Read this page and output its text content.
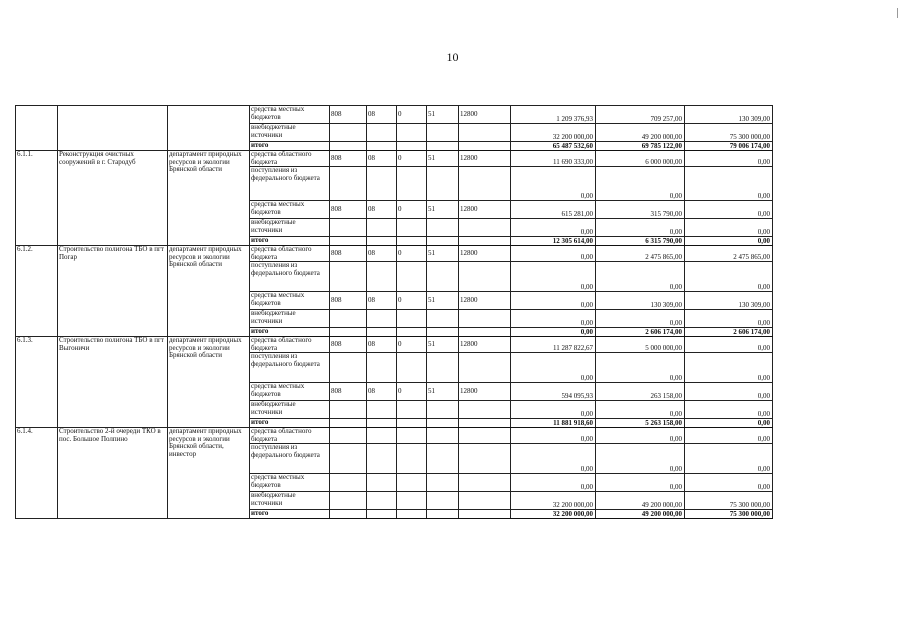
10
			средства местных бюджетов	808	08	0	51	12800	1 209 376,93	709 257,00	130 309,00
			внебюджетные источники						32 200 000,00	49 200 000,00	75 300 000,00
			итого						65 487 532,60	69 785 122,00	79 006 174,00
6.1.1.	Реконструкция очистных сооружений в г. Стародуб	департамент природных ресурсов и экологии Брянской области	средства областного бюджета	808	08	0	51	12800	11 690 333,00	6 000 000,00	0,00
			поступления из федерального бюджета						0,00	0,00	0,00
			средства местных бюджетов	808	08	0	51	12800	615 281,00	315 790,00	0,00
			внебюджетные источники						0,00	0,00	0,00
			итого						12 305 614,00	6 315 790,00	0,00
6.1.2.	Строительство полигона ТБО в пгт Погар	департамент природных ресурсов и экологии Брянской области	средства областного бюджета	808	08	0	51	12800	0,00	2 475 865,00	2 475 865,00
			поступления из федерального бюджета						0,00	0,00	0,00
			средства местных бюджетов	808	08	0	51	12800	0,00	130 309,00	130 309,00
			внебюджетные источники						0,00	0,00	0,00
			итого						0,00	2 606 174,00	2 606 174,00
6.1.3.	Строительство полигона ТБО в пгт Выгоничи	департамент природных ресурсов и экологии Брянской области	средства областного бюджета	808	08	0	51	12800	11 287 822,67	5 000 000,00	0,00
			поступления из федерального бюджета						0,00	0,00	0,00
			средства местных бюджетов	808	08	0	51	12800	594 095,93	263 158,00	0,00
			внебюджетные источники						0,00	0,00	0,00
			итого						11 881 918,60	5 263 158,00	0,00
6.1.4.	Строительство 2-й очереди ТКО в пос. Большое Полпино	департамент природных ресурсов и экологии Брянской области, инвестор	средства областного бюджета						0,00	0,00	0,00
			поступления из федерального бюджета						0,00	0,00	0,00
			средства местных бюджетов						0,00	0,00	0,00
			внебюджетные источники						32 200 000,00	49 200 000,00	75 300 000,00
			итого						32 200 000,00	49 200 000,00	75 300 000,00
